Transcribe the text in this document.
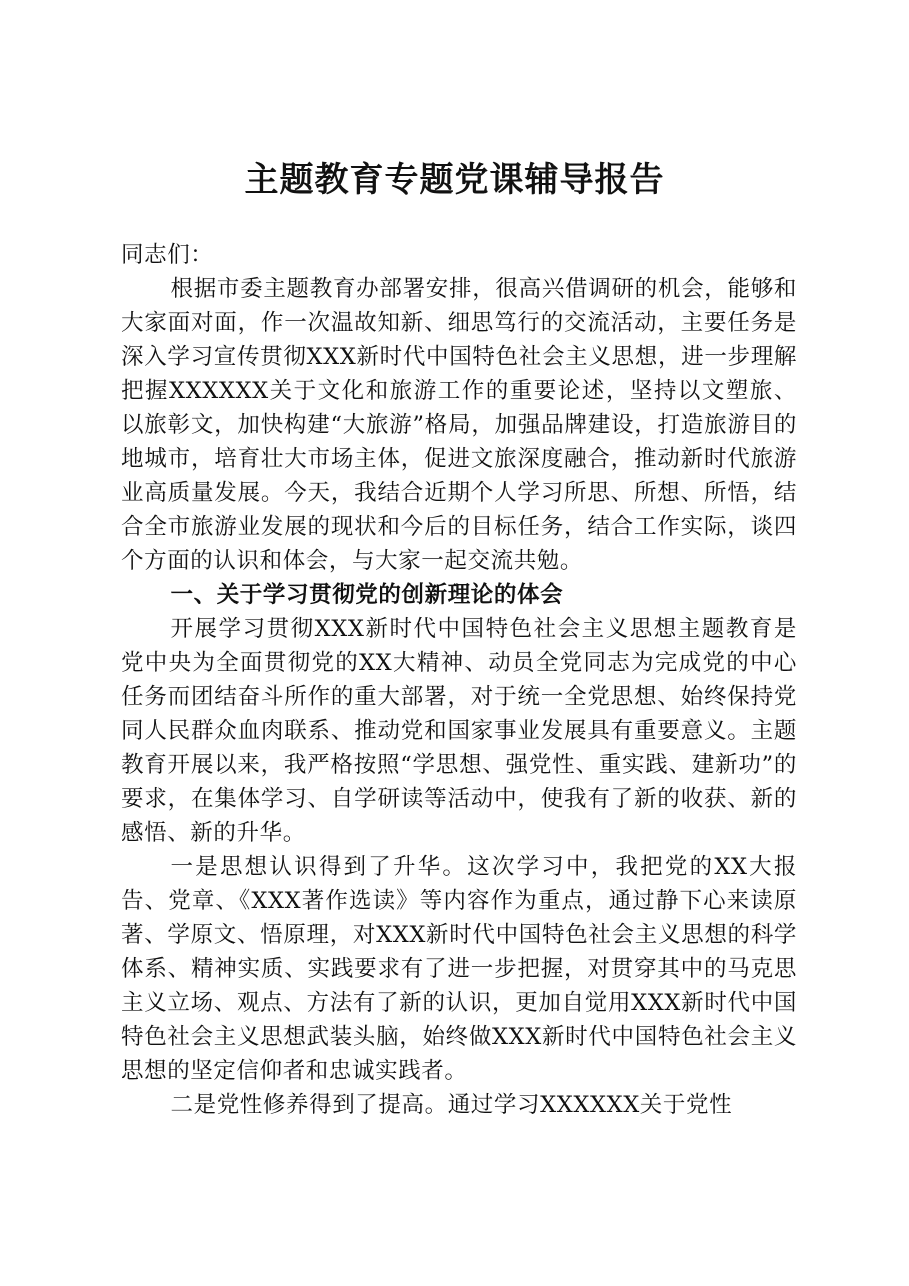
主题教育专题党课辅导报告

同志们：

根据市委主题教育办部署安排，很高兴借调研的机会，能够和大家面对面，作一次温故知新、细思笃行的交流活动，主要任务是深入学习宣传贯彻XXX新时代中国特色社会主义思想，进一步理解把握XXXXXX关于文化和旅游工作的重要论述，坚持以文塑旅、以旅彰文，加快构建“大旅游”格局，加强品牌建设，打造旅游目的地城市，培育壮大市场主体，促进文旅深度融合，推动新时代旅游业高质量发展。今天，我结合近期个人学习所思、所想、所悟，结合全市旅游业发展的现状和今后的目标任务，结合工作实际，谈四个方面的认识和体会，与大家一起交流共勉。

一、关于学习贯彻党的创新理论的体会

开展学习贯彻XXX新时代中国特色社会主义思想主题教育是党中央为全面贯彻党的XX大精神、动员全党同志为完成党的中心任务而团结奋斗所作的重大部署，对于统一全党思想、始终保持党同人民群众血肉联系、推动党和国家事业发展具有重要意义。主题教育开展以来，我严格按照“学思想、强党性、重实践、建新功”的要求，在集体学习、自学研读等活动中，使我有了新的收获、新的感悟、新的升华。

一是思想认识得到了升华。这次学习中，我把党的XX大报告、党章、《XXX著作选读》等内容作为重点，通过静下心来读原著、学原文、悟原理，对XXX新时代中国特色社会主义思想的科学体系、精神实质、实践要求有了进一步把握，对贯穿其中的马克思主义立场、观点、方法有了新的认识，更加自觉用XXX新时代中国特色社会主义思想武装头脑，始终做XXX新时代中国特色社会主义思想的坚定信仰者和忠诚实践者。

二是党性修养得到了提高。通过学习XXXXXX关于党性
